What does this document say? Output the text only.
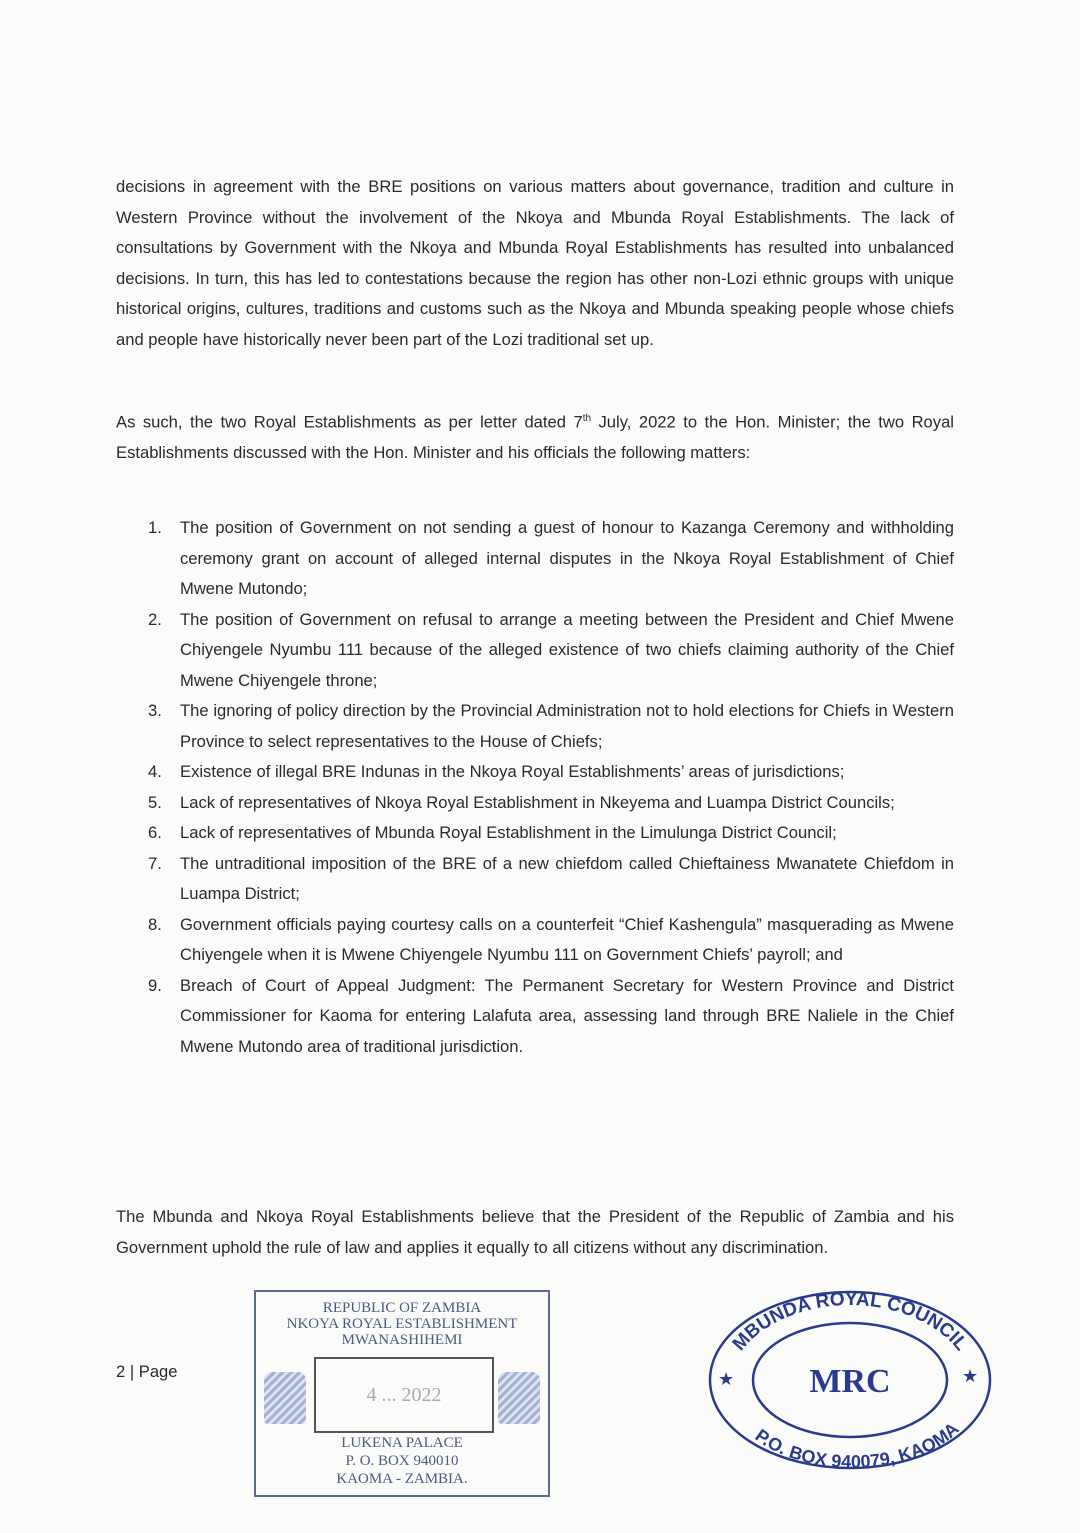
decisions in agreement with the BRE positions on various matters about governance, tradition and culture in Western Province without the involvement of the Nkoya and Mbunda Royal Establishments. The lack of consultations by Government with the Nkoya and Mbunda Royal Establishments has resulted into unbalanced decisions. In turn, this has led to contestations because the region has other non-Lozi ethnic groups with unique historical origins, cultures, traditions and customs such as the Nkoya and Mbunda speaking people whose chiefs and people have historically never been part of the Lozi traditional set up.
As such, the two Royal Establishments as per letter dated 7th July, 2022 to the Hon. Minister; the two Royal Establishments discussed with the Hon. Minister and his officials the following matters:
1.	The position of Government on not sending a guest of honour to Kazanga Ceremony and withholding ceremony grant on account of alleged internal disputes in the Nkoya Royal Establishment of Chief Mwene Mutondo;
2.	The position of Government on refusal to arrange a meeting between the President and Chief Mwene Chiyengele Nyumbu 111 because of the alleged existence of two chiefs claiming authority of the Chief Mwene Chiyengele throne;
3.	The ignoring of policy direction by the Provincial Administration not to hold elections for Chiefs in Western Province to select representatives to the House of Chiefs;
4.	Existence of illegal BRE Indunas in the Nkoya Royal Establishments’ areas of jurisdictions;
5.	Lack of representatives of Nkoya Royal Establishment in Nkeyema and Luampa District Councils;
6.	Lack of representatives of Mbunda Royal Establishment in the Limulunga District Council;
7.	The untraditional imposition of the BRE of a new chiefdom called Chieftainess Mwanatete Chiefdom in Luampa District;
8.	Government officials paying courtesy calls on a counterfeit “Chief Kashengula” masquerading as Mwene Chiyengele when it is Mwene Chiyengele Nyumbu 111 on Government Chiefs’ payroll; and
9.	Breach of Court of Appeal Judgment: The Permanent Secretary for Western Province and District Commissioner for Kaoma for entering Lalafuta area, assessing land through BRE Naliele in the Chief Mwene Mutondo area of traditional jurisdiction.
The Mbunda and Nkoya Royal Establishments believe that the President of the Republic of Zambia and his Government uphold the rule of law and applies it equally to all citizens without any discrimination.
2 | Page
REPUBLIC OF ZAMBIA
NKOYA ROYAL ESTABLISHMENT
MWANASHIHEMI
4 ... 2022
LUKENA PALACE
P. O. BOX 940010
KAOMA - ZAMBIA.
MBUNDA ROYAL COUNCIL
P.O. BOX 940079, KAOMA
MRC
★	★
